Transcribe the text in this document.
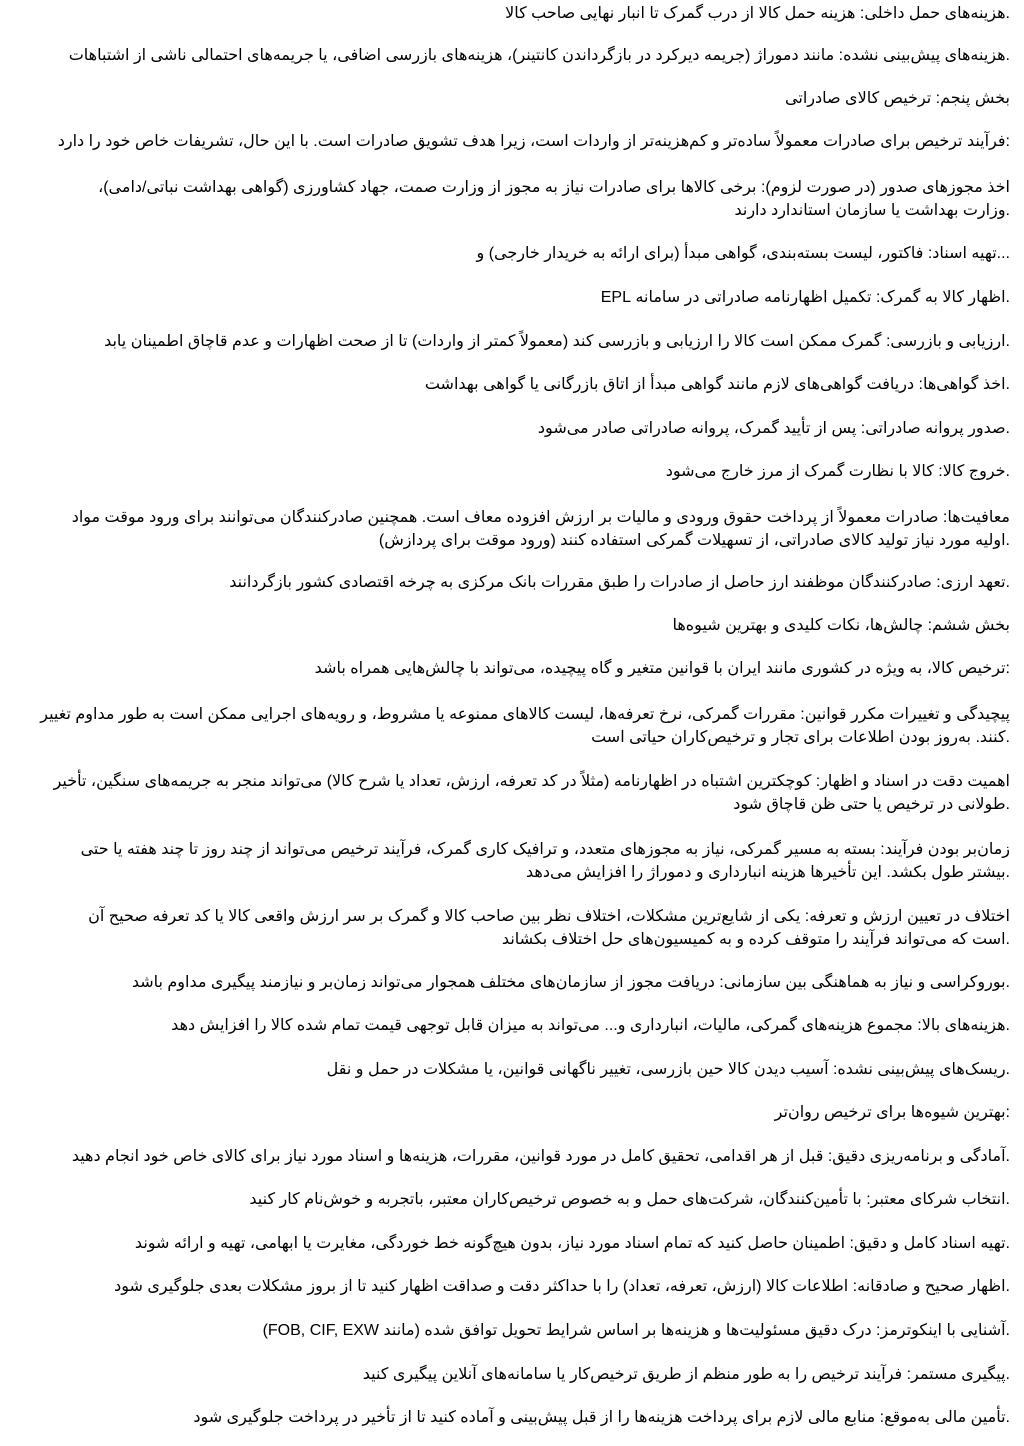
.هزینه‌های حمل داخلی: هزینه حمل کالا از درب گمرک تا انبار نهایی صاحب کالا
.هزینه‌های پیش‌بینی نشده: مانند دموراژ (جریمه دیرکرد در بازگرداندن کانتینر)، هزینه‌های بازرسی اضافی، یا جریمه‌های احتمالی ناشی از اشتباهات
بخش پنجم: ترخیص کالای صادراتی
:فرآیند ترخیص برای صادرات معمولاً ساده‌تر و کم‌هزینه‌تر از واردات است، زیرا هدف تشویق صادرات است. با این حال، تشریفات خاص خود را دارد
اخذ مجوزهای صدور (در صورت لزوم): برخی کالاها برای صادرات نیاز به مجوز از وزارت صمت، جهاد کشاورزی (گواهی بهداشت نباتی/دامی)،
.وزارت بهداشت یا سازمان استاندارد دارند
...تهیه اسناد: فاکتور، لیست بسته‌بندی، گواهی مبدأ (برای ارائه به خریدار خارجی) و
.اظهار کالا به گمرک: تکمیل اظهارنامه صادراتی در سامانه EPL
.ارزیابی و بازرسی: گمرک ممکن است کالا را ارزیابی و بازرسی کند (معمولاً کمتر از واردات) تا از صحت اظهارات و عدم قاچاق اطمینان یابد
.اخذ گواهی‌ها: دریافت گواهی‌های لازم مانند گواهی مبدأ از اتاق بازرگانی یا گواهی بهداشت
.صدور پروانه صادراتی: پس از تأیید گمرک، پروانه صادراتی صادر می‌شود
.خروج کالا: کالا با نظارت گمرک از مرز خارج می‌شود
معافیت‌ها: صادرات معمولاً از پرداخت حقوق ورودی و مالیات بر ارزش افزوده معاف است. همچنین صادرکنندگان می‌توانند برای ورود موقت مواد
.اولیه مورد نیاز تولید کالای صادراتی، از تسهیلات گمرکی استفاده کنند (ورود موقت برای پردازش)
.تعهد ارزی: صادرکنندگان موظفند ارز حاصل از صادرات را طبق مقررات بانک مرکزی به چرخه اقتصادی کشور بازگردانند
بخش ششم: چالش‌ها، نکات کلیدی و بهترین شیوه‌ها
:ترخیص کالا، به ویژه در کشوری مانند ایران با قوانین متغیر و گاه پیچیده، می‌تواند با چالش‌هایی همراه باشد
پیچیدگی و تغییرات مکرر قوانین: مقررات گمرکی، نرخ تعرفه‌ها، لیست کالاهای ممنوعه یا مشروط، و رویه‌های اجرایی ممکن است به طور مداوم تغییر
.کنند. به‌روز بودن اطلاعات برای تجار و ترخیص‌کاران حیاتی است
اهمیت دقت در اسناد و اظهار: کوچکترین اشتباه در اظهارنامه (مثلاً در کد تعرفه، ارزش، تعداد یا شرح کالا) می‌تواند منجر به جریمه‌های سنگین، تأخیر
.طولانی در ترخیص یا حتی ظن قاچاق شود
زمان‌بر بودن فرآیند: بسته به مسیر گمرکی، نیاز به مجوزهای متعدد، و ترافیک کاری گمرک، فرآیند ترخیص می‌تواند از چند روز تا چند هفته یا حتی
.بیشتر طول بکشد. این تأخیرها هزینه انبارداری و دموراژ را افزایش می‌دهد
اختلاف در تعیین ارزش و تعرفه: یکی از شایع‌ترین مشکلات، اختلاف نظر بین صاحب کالا و گمرک بر سر ارزش واقعی کالا یا کد تعرفه صحیح آن
.است که می‌تواند فرآیند را متوقف کرده و به کمیسیون‌های حل اختلاف بکشاند
.بوروکراسی و نیاز به هماهنگی بین سازمانی: دریافت مجوز از سازمان‌های مختلف همجوار می‌تواند زمان‌بر و نیازمند پیگیری مداوم باشد
.هزینه‌های بالا: مجموع هزینه‌های گمرکی، مالیات، انبارداری و... می‌تواند به میزان قابل توجهی قیمت تمام شده کالا را افزایش دهد
.ریسک‌های پیش‌بینی نشده: آسیب دیدن کالا حین بازرسی، تغییر ناگهانی قوانین، یا مشکلات در حمل و نقل
:بهترین شیوه‌ها برای ترخیص روان‌تر
.آمادگی و برنامه‌ریزی دقیق: قبل از هر اقدامی، تحقیق کامل در مورد قوانین، مقررات، هزینه‌ها و اسناد مورد نیاز برای کالای خاص خود انجام دهید
.انتخاب شرکای معتبر: با تأمین‌کنندگان، شرکت‌های حمل و به خصوص ترخیص‌کاران معتبر، باتجربه و خوش‌نام کار کنید
.تهیه اسناد کامل و دقیق: اطمینان حاصل کنید که تمام اسناد مورد نیاز، بدون هیچ‌گونه خط خوردگی، مغایرت یا ابهامی، تهیه و ارائه شوند
.اظهار صحیح و صادقانه: اطلاعات کالا (ارزش، تعرفه، تعداد) را با حداکثر دقت و صداقت اظهار کنید تا از بروز مشکلات بعدی جلوگیری شود
.آشنایی با اینکوترمز: درک دقیق مسئولیت‌ها و هزینه‌ها بر اساس شرایط تحویل توافق شده (مانند FOB, CIF, EXW)
.پیگیری مستمر: فرآیند ترخیص را به طور منظم از طریق ترخیص‌کار یا سامانه‌های آنلاین پیگیری کنید
.تأمین مالی به‌موقع: منابع مالی لازم برای پرداخت هزینه‌ها را از قبل پیش‌بینی و آماده کنید تا از تأخیر در پرداخت جلوگیری شود
